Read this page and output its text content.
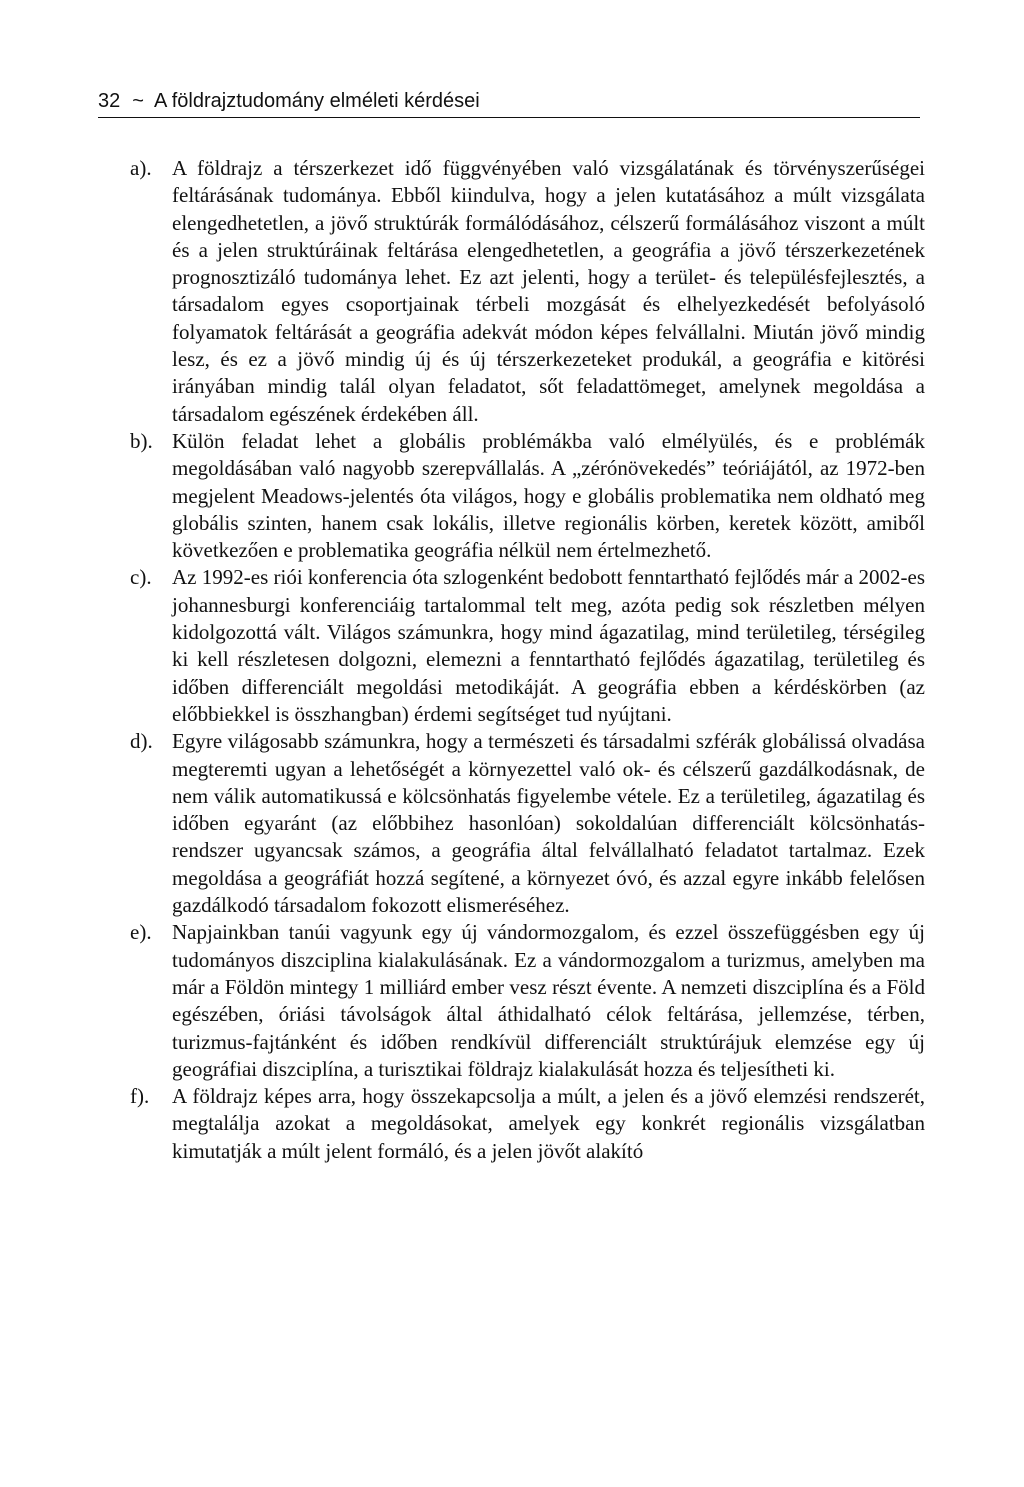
32 ~ A földrajztudomány elméleti kérdései

a). A földrajz a térszerkezet idő függvényében való vizsgálatának és törvényszerűségei feltárásának tudománya. Ebből kiindulva, hogy a jelen kutatásához a múlt vizsgálata elengedhetetlen, a jövő struktúrák formálódásához, célszerű formálásához viszont a múlt és a jelen struktúráinak feltárása elengedhetetlen, a geográfia a jövő térszerkezetének prognosztizáló tudománya lehet. Ez azt jelenti, hogy a terület- és településfejlesztés, a társadalom egyes csoportjainak térbeli mozgását és elhelyezkedését befolyásoló folyamatok feltárását a geográfia adekvát módon képes felvállalni. Miután jövő mindig lesz, és ez a jövő mindig új és új térszerkezeteket produkál, a geográfia e kitörési irányában mindig talál olyan feladatot, sőt feladattömeget, amelynek megoldása a társadalom egészének érdekében áll.

b). Külön feladat lehet a globális problémákba való elmélyülés, és e problémák megoldásában való nagyobb szerepvállalás. A „zérónövekedés” teóriájától, az 1972-ben megjelent Meadows-jelentés óta világos, hogy e globális problematika nem oldható meg globális szinten, hanem csak lokális, illetve regionális körben, keretek között, amiből következően e problematika geográfia nélkül nem értelmezhető.

c). Az 1992-es riói konferencia óta szlogenként bedobott fenntartható fejlődés már a 2002-es johannesburgi konferenciáig tartalommal telt meg, azóta pedig sok részletben mélyen kidolgozottá vált. Világos számunkra, hogy mind ágazatilag, mind területileg, térségileg ki kell részletesen dolgozni, elemezni a fenntartható fejlődés ágazatilag, területileg és időben differenciált megoldási metodikáját. A geográfia ebben a kérdéskörben (az előbbiekkel is összhangban) érdemi segítséget tud nyújtani.

d). Egyre világosabb számunkra, hogy a természeti és társadalmi szférák globálissá olvadása megteremti ugyan a lehetőségét a környezettel való ok- és célszerű gazdálkodásnak, de nem válik automatikussá e kölcsönhatás figyelembe vétele. Ez a területileg, ágazatilag és időben egyaránt (az előbbihez hasonlóan) sokoldalúan differenciált kölcsönhatás-rendszer ugyancsak számos, a geográfia által felvállalható feladatot tartalmaz. Ezek megoldása a geográfiát hozzá segítené, a környezet óvó, és azzal egyre inkább felelősen gazdálkodó társadalom fokozott elismeréséhez.

e). Napjainkban tanúi vagyunk egy új vándormozgalom, és ezzel összefüggésben egy új tudományos diszciplina kialakulásának. Ez a vándormozgalom a turizmus, amelyben ma már a Földön mintegy 1 milliárd ember vesz részt évente. A nemzeti diszciplína és a Föld egészében, óriási távolságok által áthidalható célok feltárása, jellemzése, térben, turizmus-fajtánként és időben rendkívül differenciált struktúrájuk elemzése egy új geográfiai diszciplína, a turisztikai földrajz kialakulását hozza és teljesítheti ki.

f).	A földrajz képes arra, hogy összekapcsolja a múlt, a jelen és a jövő elemzési rendszerét, megtalálja azokat a megoldásokat, amelyek egy konkrét regionális vizsgálatban kimutatják a múlt jelent formáló, és a jelen jövőt alakító
